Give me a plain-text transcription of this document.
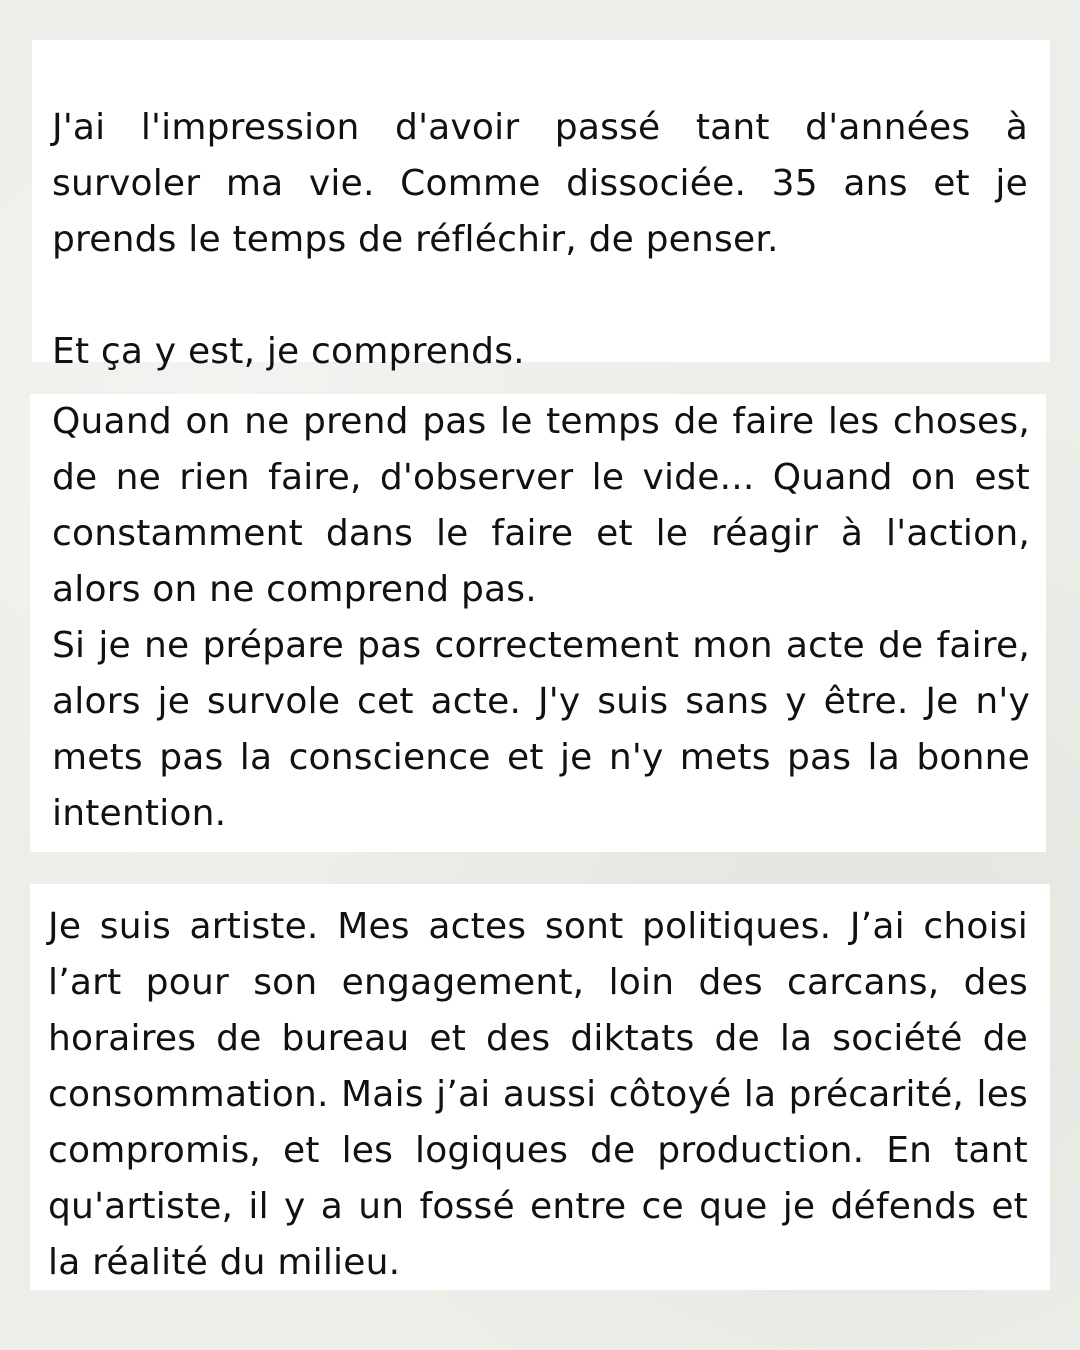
J'ai l'impression d'avoir passé tant d'années à survoler ma vie. Comme dissociée. 35 ans et je prends le temps de réfléchir, de penser.

Et ça y est, je comprends.

Quand on ne prend pas le temps de faire les choses, de ne rien faire, d'observer le vide... Quand on est constamment dans le faire et le réagir à l'action, alors on ne comprend pas.

Si je ne prépare pas correctement mon acte de faire, alors je survole cet acte. J'y suis sans y être. Je n'y mets pas la conscience et je n'y mets pas la bonne intention.

Je suis artiste. Mes actes sont politiques. J’ai choisi l’art pour son engagement, loin des carcans, des horaires de bureau et des diktats de la société de consommation. Mais j’ai aussi côtoyé la précarité, les compromis, et les logiques de production. En tant qu'artiste, il y a un fossé entre ce que je défends et la réalité du milieu.
